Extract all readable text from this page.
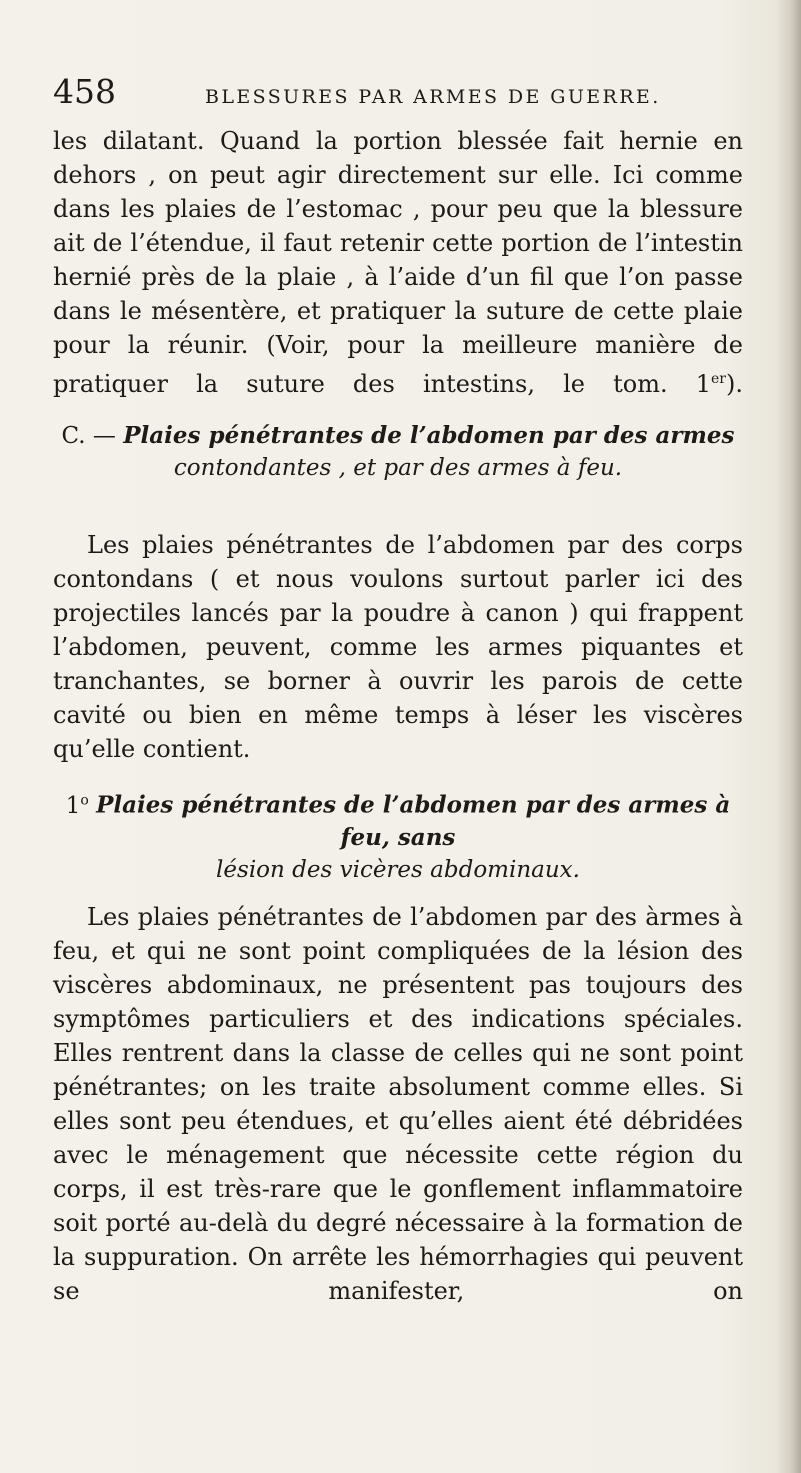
458	BLESSURES PAR ARMES DE GUERRE.
les dilatant. Quand la portion blessée fait hernie en dehors , on peut agir directement sur elle. Ici comme dans les plaies de l’estomac , pour peu que la blessure ait de l’étendue, il faut retenir cette portion de l’intestin hernié près de la plaie , à l’aide d’un fil que l’on passe dans le mésentère, et pratiquer la suture de cette plaie pour la réunir. (Voir, pour la meilleure manière de pratiquer la suture des intestins, le tom. 1er).
C. — Plaies pénétrantes de l’abdomen par des armes
contondantes , et par des armes à feu.
Les plaies pénétrantes de l’abdomen par des corps contondans ( et nous voulons surtout parler ici des projectiles lancés par la poudre à canon ) qui frappent l’abdomen, peuvent, comme les armes piquantes et tranchantes, se borner à ouvrir les parois de cette cavité ou bien en même temps à léser les viscères qu’elle contient.
1$^o$ Plaies pénétrantes de l’abdomen par des armes à feu, sans
lésion des vicères abdominaux.
Les plaies pénétrantes de l’abdomen par des àrmes à feu, et qui ne sont point compliquées de la lésion des viscères abdominaux, ne présentent pas toujours des symptômes particuliers et des indications spéciales. Elles rentrent dans la classe de celles qui ne sont point pénétrantes; on les traite absolument comme elles. Si elles sont peu étendues, et qu’elles aient été débridées avec le ménagement que nécessite cette région du corps, il est très-rare que le gonflement inflammatoire soit porté au-delà du degré nécessaire à la formation de la suppuration. On arrête les hémorrhagies qui peuvent se manifester, on
